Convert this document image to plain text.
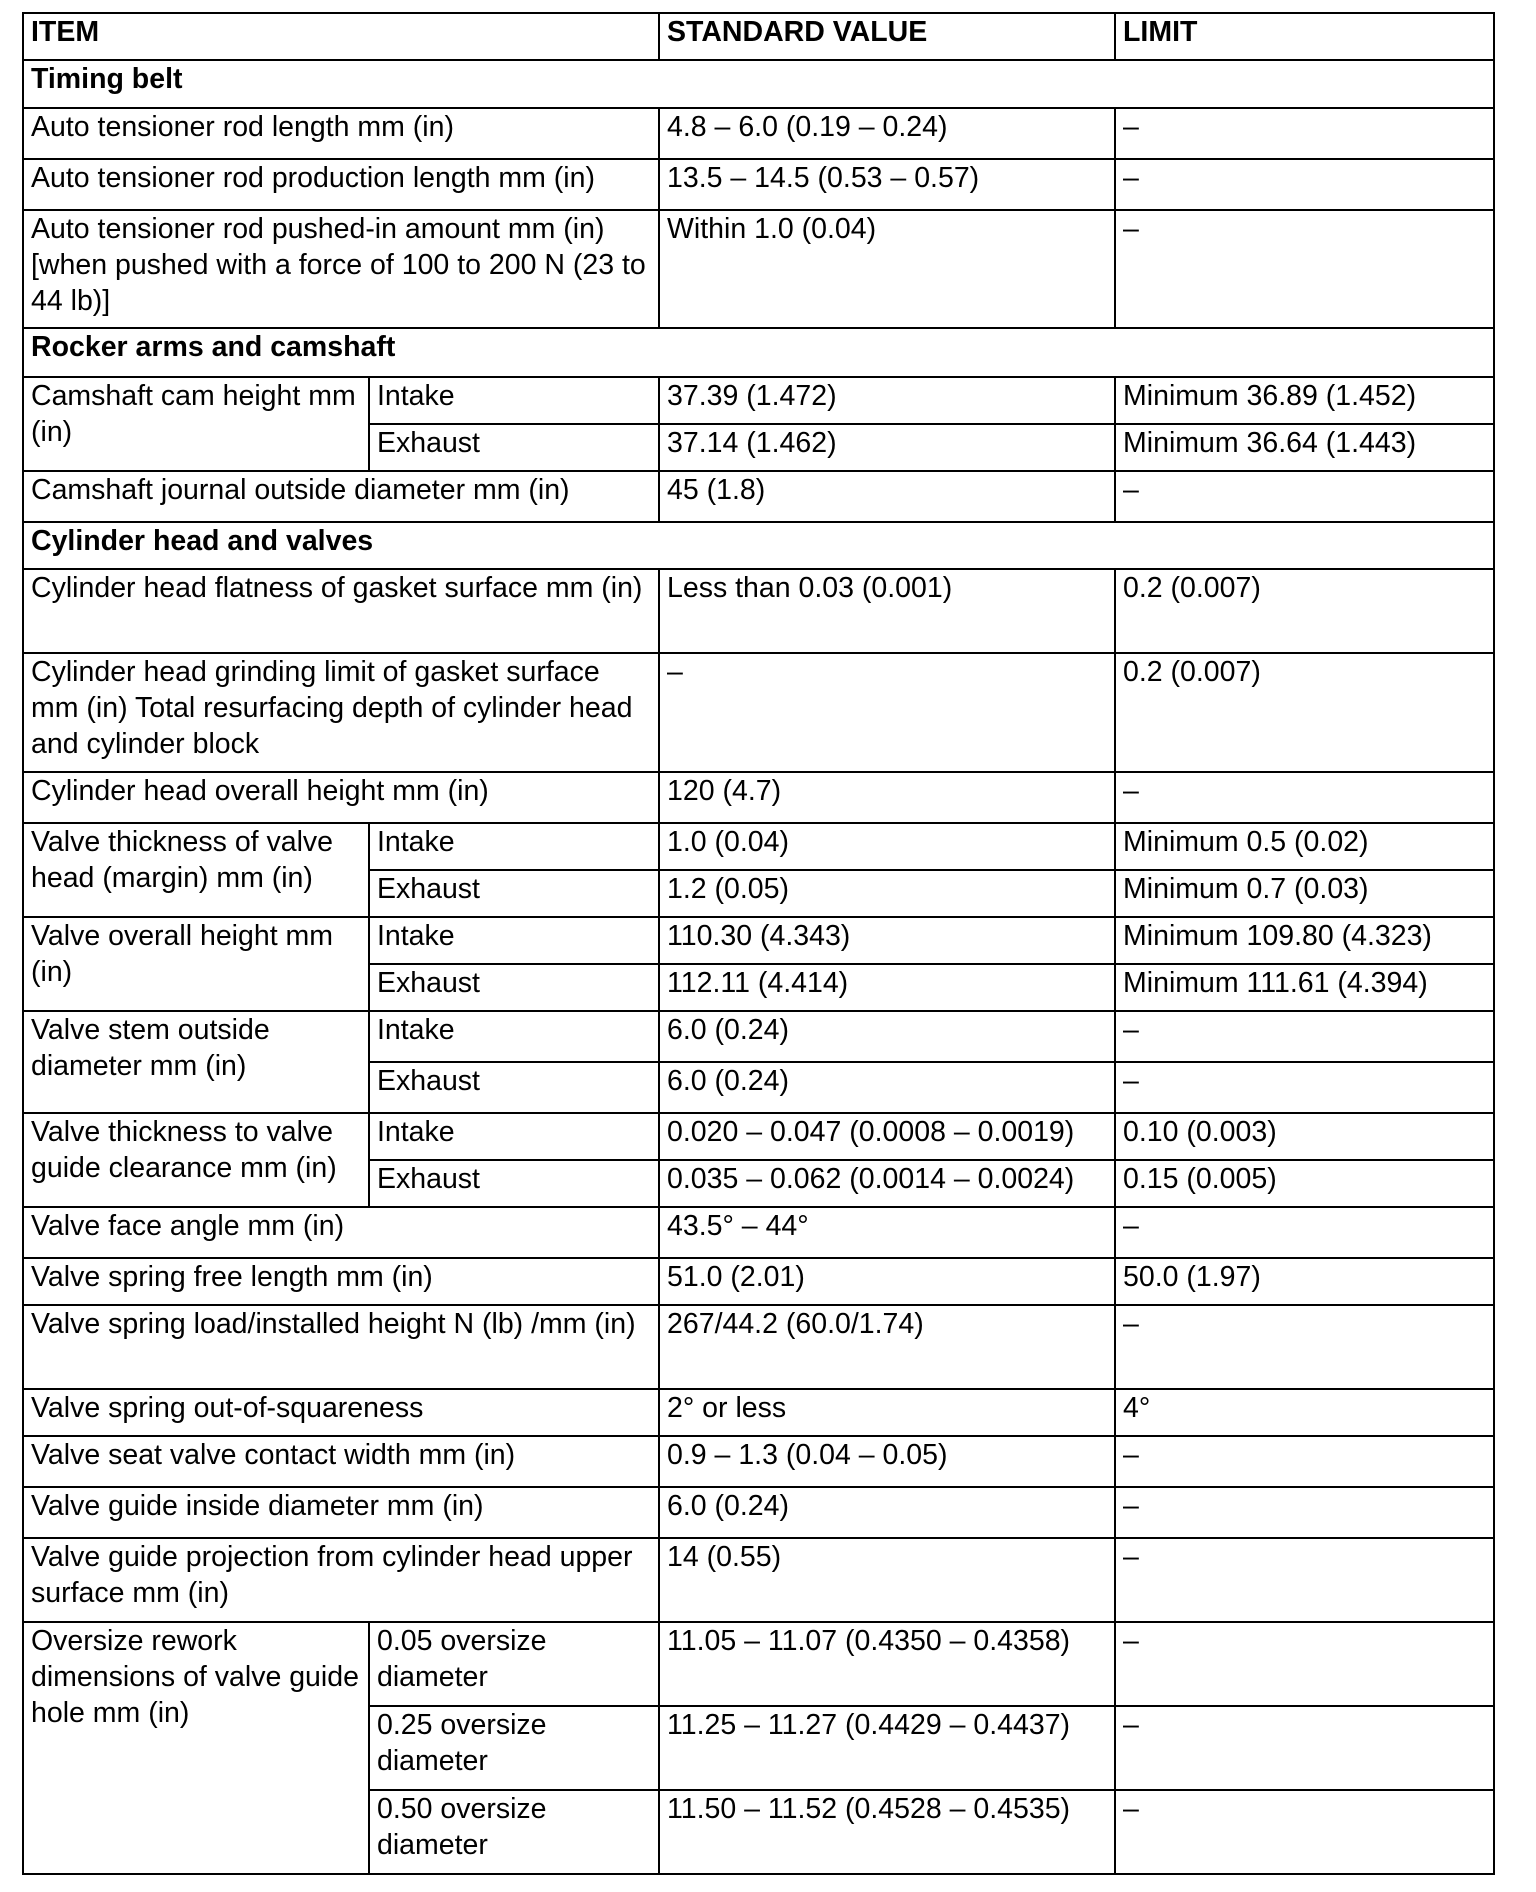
ITEM		STANDARD VALUE	LIMIT
Timing belt			
Auto tensioner rod length mm (in)		4.8 – 6.0 (0.19 – 0.24)	–
Auto tensioner rod production length mm (in)		13.5 – 14.5 (0.53 – 0.57)	–
Auto tensioner rod pushed-in amount mm (in) [when pushed with a force of 100 to 200 N (23 to 44 lb)]		Within 1.0 (0.04)	–
Rocker arms and camshaft			
Camshaft cam height mm (in)	Intake	37.39 (1.472)	Minimum 36.89 (1.452)
	Exhaust	37.14 (1.462)	Minimum 36.64 (1.443)
Camshaft journal outside diameter mm (in)		45 (1.8)	–
Cylinder head and valves			
Cylinder head flatness of gasket surface mm (in)		Less than 0.03 (0.001)	0.2 (0.007)
Cylinder head grinding limit of gasket surface mm (in) Total resurfacing depth of cylinder head and cylinder block		–	0.2 (0.007)
Cylinder head overall height mm (in)		120 (4.7)	–
Valve thickness of valve head (margin) mm (in)	Intake	1.0 (0.04)	Minimum 0.5 (0.02)
	Exhaust	1.2 (0.05)	Minimum 0.7 (0.03)
Valve overall height mm (in)	Intake	110.30 (4.343)	Minimum 109.80 (4.323)
	Exhaust	112.11 (4.414)	Minimum 111.61 (4.394)
Valve stem outside diameter mm (in)	Intake	6.0 (0.24)	–
	Exhaust	6.0 (0.24)	–
Valve thickness to valve guide clearance mm (in)	Intake	0.020 – 0.047 (0.0008 – 0.0019)	0.10 (0.003)
	Exhaust	0.035 – 0.062 (0.0014 – 0.0024)	0.15 (0.005)
Valve face angle mm (in)		43.5° – 44°	–
Valve spring free length mm (in)		51.0 (2.01)	50.0 (1.97)
Valve spring load/installed height N (lb) /mm (in)		267/44.2 (60.0/1.74)	–
Valve spring out-of-squareness		2° or less	4°
Valve seat valve contact width mm (in)		0.9 – 1.3 (0.04 – 0.05)	–
Valve guide inside diameter mm (in)		6.0 (0.24)	–
Valve guide projection from cylinder head upper surface mm (in)		14 (0.55)	–
Oversize rework dimensions of valve guide hole mm (in)	0.05 oversize diameter	11.05 – 11.07 (0.4350 – 0.4358)	–
	0.25 oversize diameter	11.25 – 11.27 (0.4429 – 0.4437)	–
	0.50 oversize diameter	11.50 – 11.52 (0.4528 – 0.4535)	–
